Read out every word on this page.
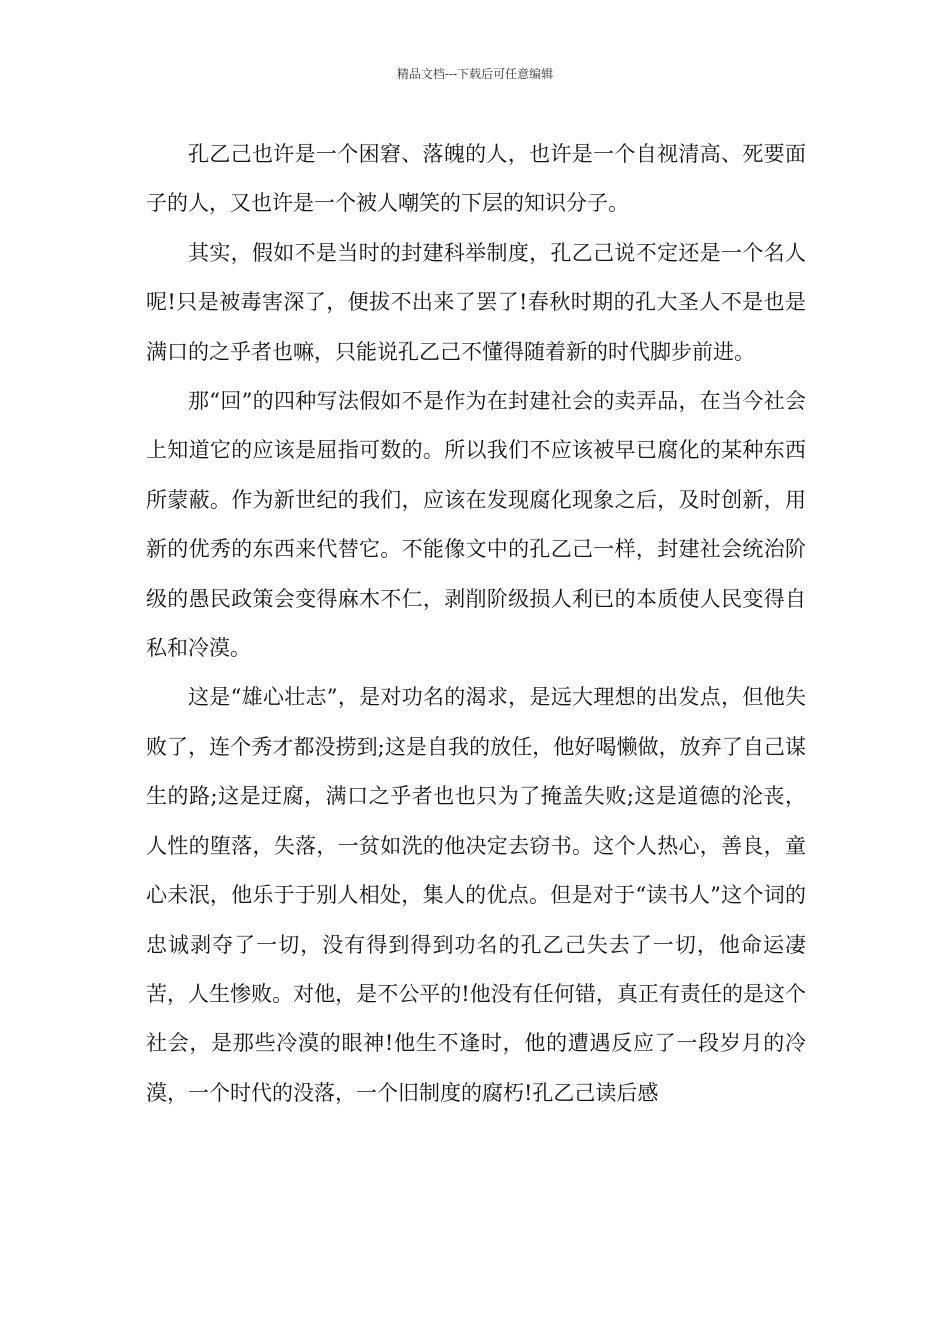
精品文档---下载后可任意编辑

孔乙己也许是一个困窘、落魄的人，也许是一个自视清高、死要面子的人，又也许是一个被人嘲笑的下层的知识分子。

其实，假如不是当时的封建科举制度，孔乙己说不定还是一个名人呢!只是被毒害深了，便拔不出来了罢了!春秋时期的孔大圣人不是也是满口的之乎者也嘛，只能说孔乙己不懂得随着新的时代脚步前进。

那“回”的四种写法假如不是作为在封建社会的卖弄品，在当今社会上知道它的应该是屈指可数的。所以我们不应该被早已腐化的某种东西所蒙蔽。作为新世纪的我们，应该在发现腐化现象之后，及时创新，用新的优秀的东西来代替它。不能像文中的孔乙己一样，封建社会统治阶级的愚民政策会变得麻木不仁，剥削阶级损人利已的本质使人民变得自私和冷漠。

这是“雄心壮志”，是对功名的渴求，是远大理想的出发点，但他失败了，连个秀才都没捞到;这是自我的放任，他好喝懒做，放弃了自己谋生的路;这是迂腐，满口之乎者也也只为了掩盖失败;这是道德的沦丧，人性的堕落，失落，一贫如洗的他决定去窃书。这个人热心，善良，童心未泯，他乐于于别人相处，集人的优点。但是对于“读书人”这个词的忠诚剥夺了一切，没有得到得到功名的孔乙己失去了一切，他命运凄苦，人生惨败。对他，是不公平的!他没有任何错，真正有责任的是这个社会，是那些冷漠的眼神!他生不逢时，他的遭遇反应了一段岁月的冷漠，一个时代的没落，一个旧制度的腐朽!孔乙己读后感
